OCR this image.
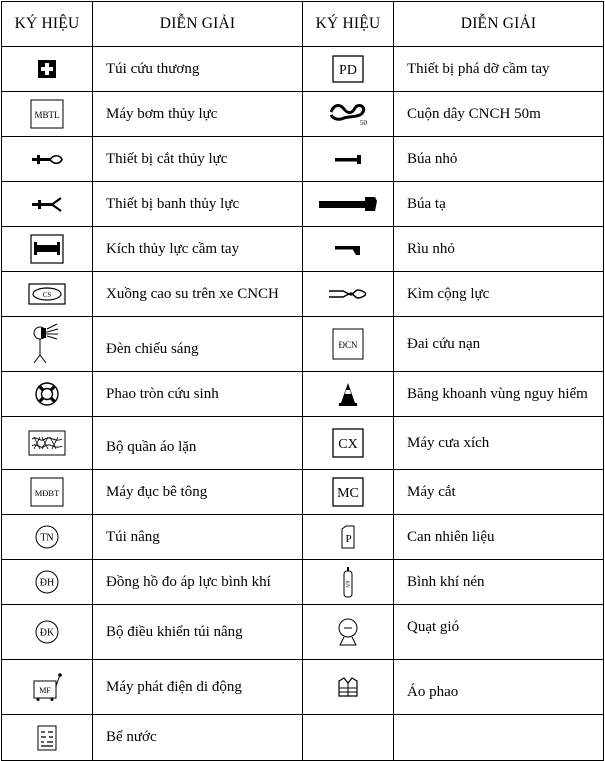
KÝ HIỆU	DIỄN GIẢI	KÝ HIỆU	DIỄN GIẢI

	Túi cứu thương	PD	Thiết bị phá dỡ cầm tay

MBTL	Máy bơm thủy lực	50	Cuộn dây CNCH 50m

	Thiết bị cắt thủy lực		Búa nhỏ

	Thiết bị banh thủy lực		Búa tạ

	Kích thủy lực cầm tay		Rìu nhỏ

CS	Xuồng cao su trên xe CNCH		Kìm cộng lực

	Đèn chiếu sáng	ĐCN	Đai cứu nạn

	Phao tròn cứu sinh		Băng khoanh vùng nguy hiểm

	Bộ quần áo lặn	CX	Máy cưa xích

MĐBT	Máy đục bê tông	MC	Máy cắt

TN	Túi nâng	P	Can nhiên liệu

ĐH	Đồng hồ đo áp lực bình khí	KN	Bình khí nén

ĐK	Bộ điều khiển túi nâng		Quạt gió

MF	Máy phát điện di động		Áo phao

	Bể nước		
